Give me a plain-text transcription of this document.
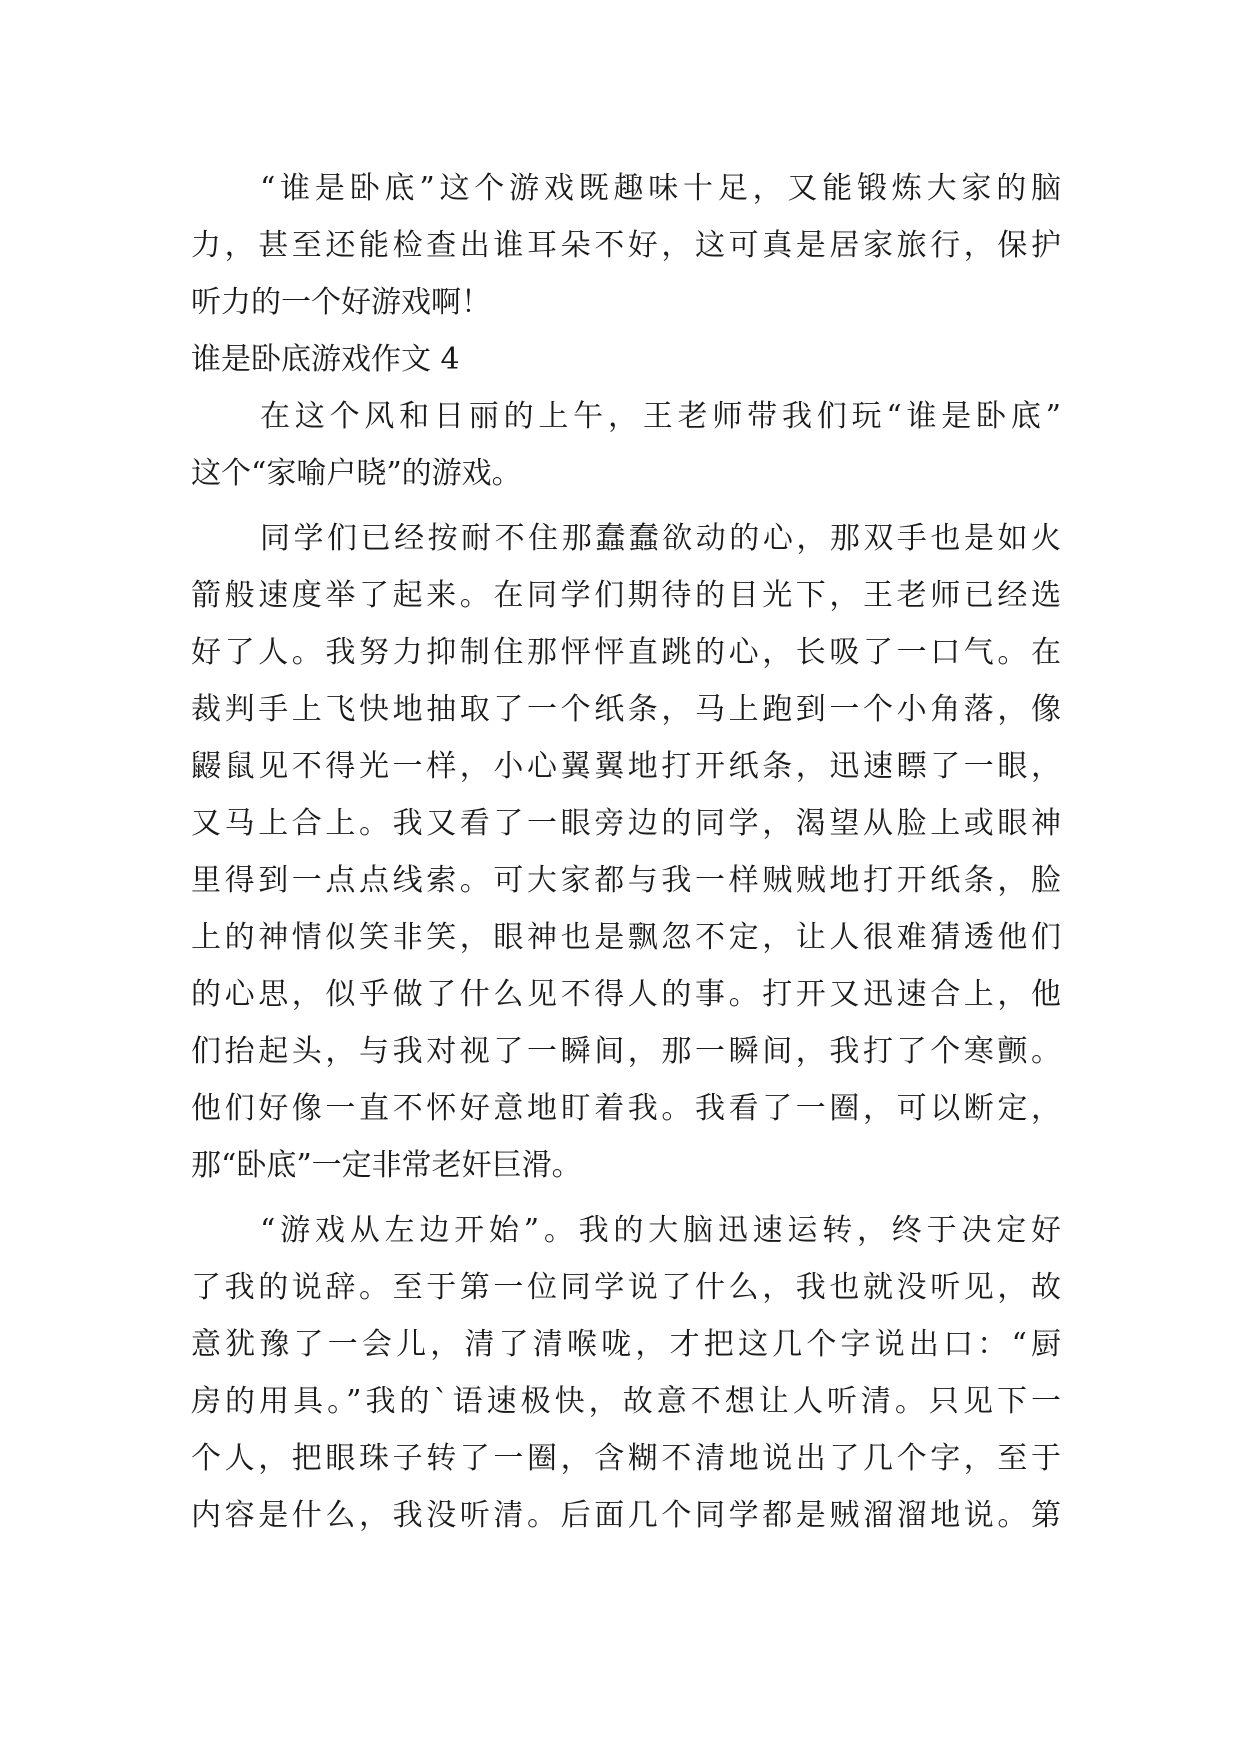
“谁是卧底”这个游戏既趣味十足，又能锻炼大家的脑
力，甚至还能检查出谁耳朵不好，这可真是居家旅行，保护
听力的一个好游戏啊！
谁是卧底游戏作文 4
在这个风和日丽的上午，王老师带我们玩“谁是卧底”
这个“家喻户晓”的游戏。
同学们已经按耐不住那蠢蠢欲动的心，那双手也是如火
箭般速度举了起来。在同学们期待的目光下，王老师已经选
好了人。我努力抑制住那怦怦直跳的心，长吸了一口气。在
裁判手上飞快地抽取了一个纸条，马上跑到一个小角落，像
鼹鼠见不得光一样，小心翼翼地打开纸条，迅速瞟了一眼，
又马上合上。我又看了一眼旁边的同学，渴望从脸上或眼神
里得到一点点线索。可大家都与我一样贼贼地打开纸条，脸
上的神情似笑非笑，眼神也是飘忽不定，让人很难猜透他们
的心思，似乎做了什么见不得人的事。打开又迅速合上，他
们抬起头，与我对视了一瞬间，那一瞬间，我打了个寒颤。
他们好像一直不怀好意地盯着我。我看了一圈，可以断定，
那“卧底”一定非常老奸巨滑。
“游戏从左边开始”。我的大脑迅速运转，终于决定好
了我的说辞。至于第一位同学说了什么，我也就没听见，故
意犹豫了一会儿，清了清喉咙，才把这几个字说出口：“厨
房的用具。”我的`语速极快，故意不想让人听清。只见下一
个人，把眼珠子转了一圈，含糊不清地说出了几个字，至于
内容是什么，我没听清。后面几个同学都是贼溜溜地说。第
